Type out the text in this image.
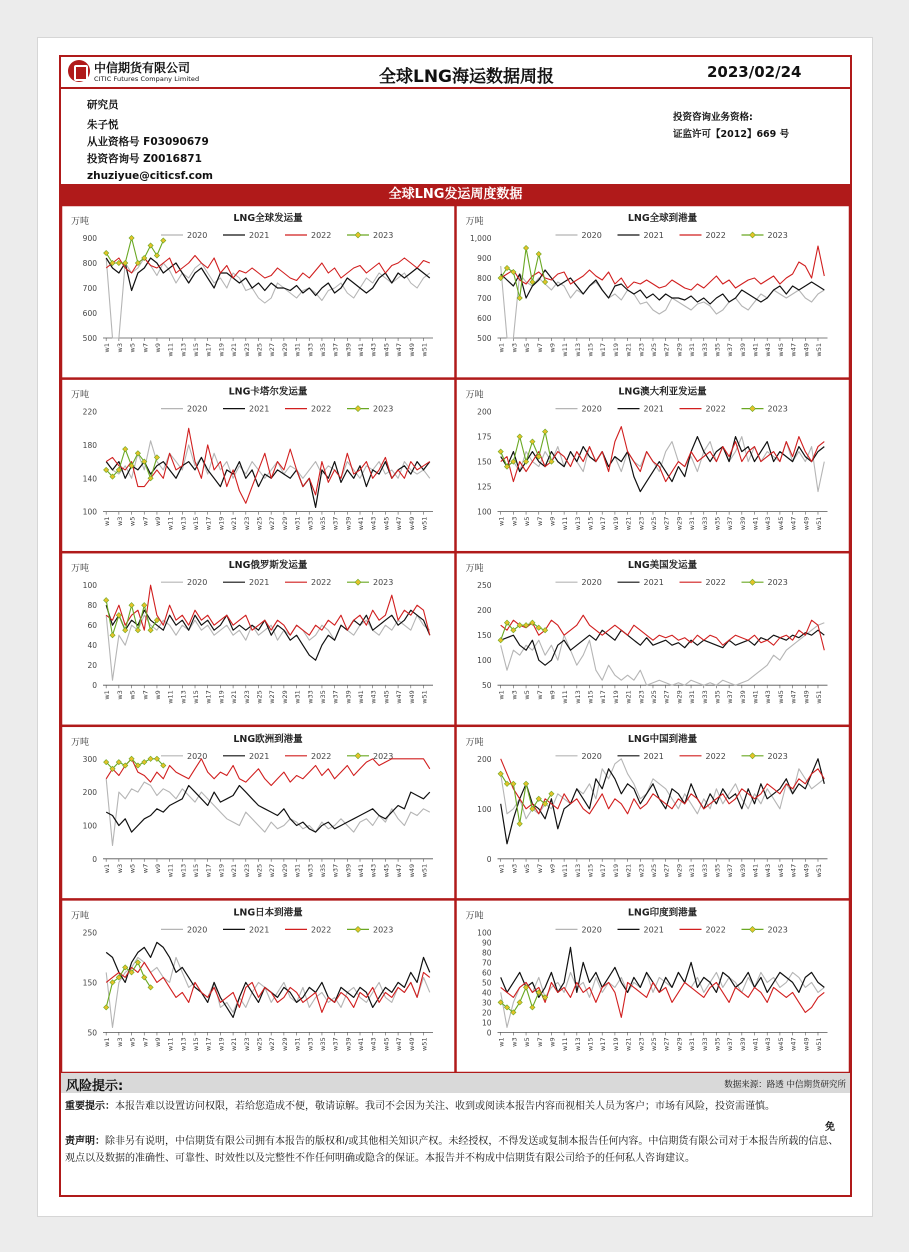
中信期货有限公司
CITIC Futures Company Limited	全球LNG海运数据周报	2023/02/24
研究员
朱子悦
从业资格号 F03090679
投资咨询号 Z0016871
zhuziyue@citicsf.com
投资咨询业务资格:
证监许可【2012】669 号
全球LNG发运周度数据
万吨	LNG全球发运量
2020	2021	2022	2023
500
600
700
800
900
w1 w3 w5 w7 w9 w11 w13 w15 w17 w19 w21 w23 w25 w27 w29 w31 w33 w35 w37 w39 w41 w43 w45 w47 w49 w51
万吨	LNG全球到港量
2020	2021	2022	2023
500
600
700
800
900
1,000
w1 w3 w5 w7 w9 w11 w13 w15 w17 w19 w21 w23 w25 w27 w29 w31 w33 w35 w37 w39 w41 w43 w45 w47 w49 w51
万吨	LNG卡塔尔发运量
2020	2021	2022	2023
100
140
180
220
w1 w3 w5 w7 w9 w11 w13 w15 w17 w19 w21 w23 w25 w27 w29 w31 w33 w35 w37 w39 w41 w43 w45 w47 w49 w51
万吨	LNG澳大利亚发运量
2020	2021	2022	2023
100
125
150
175
200
w1 w3 w5 w7 w9 w11 w13 w15 w17 w19 w21 w23 w25 w27 w29 w31 w33 w35 w37 w39 w41 w43 w45 w47 w49 w51
万吨	LNG俄罗斯发运量
2020	2021	2022	2023
0
20
40
60
80
100
w1 w3 w5 w7 w9 w11 w13 w15 w17 w19 w21 w23 w25 w27 w29 w31 w33 w35 w37 w39 w41 w43 w45 w47 w49 w51
万吨	LNG美国发运量
2020	2021	2022	2023
50
100
150
200
250
w1 w3 w5 w7 w9 w11 w13 w15 w17 w19 w21 w23 w25 w27 w29 w31 w33 w35 w37 w39 w41 w43 w45 w47 w49 w51
万吨	LNG欧洲到港量
2020	2021	2022	2023
0
100
200
300
w1 w3 w5 w7 w9 w11 w13 w15 w17 w19 w21 w23 w25 w27 w29 w31 w33 w35 w37 w39 w41 w43 w45 w47 w49 w51
万吨	LNG中国到港量
2020	2021	2022	2023
0
100
200
w1 w3 w5 w7 w9 w11 w13 w15 w17 w19 w21 w23 w25 w27 w29 w31 w33 w35 w37 w39 w41 w43 w45 w47 w49 w51
万吨	LNG日本到港量
2020	2021	2022	2023
50
150
250
w1 w3 w5 w7 w9 w11 w13 w15 w17 w19 w21 w23 w25 w27 w29 w31 w33 w35 w37 w39 w41 w43 w45 w47 w49 w51
万吨	LNG印度到港量
2020	2021	2022	2023
0
10
20
30
40
50
60
70
80
90
100
w1 w3 w5 w7 w9 w11 w13 w15 w17 w19 w21 w23 w25 w27 w29 w31 w33 w35 w37 w39 w41 w43 w45 w47 w49 w51
风险提示:	数据来源：路透 中信期货研究所
重要提示：本报告难以设置访问权限，若给您造成不便，敬请谅解。我司不会因为关注、收到或阅读本报告内容而视相关人员为客户；市场有风险，投资需谨慎。
责声明：除非另有说明，中信期货有限公司拥有本报告的版权和/或其他相关知识产权。未经授权，不得发送或复制本报告任何内容。中信期货有限公司对于本报告所载的信息、观点以及数据的准确性、可靠性、时效性以及完整性不作任何明确或隐含的保证。本报告并不构成中信期货有限公司给予的任何私人咨询建议。
免
